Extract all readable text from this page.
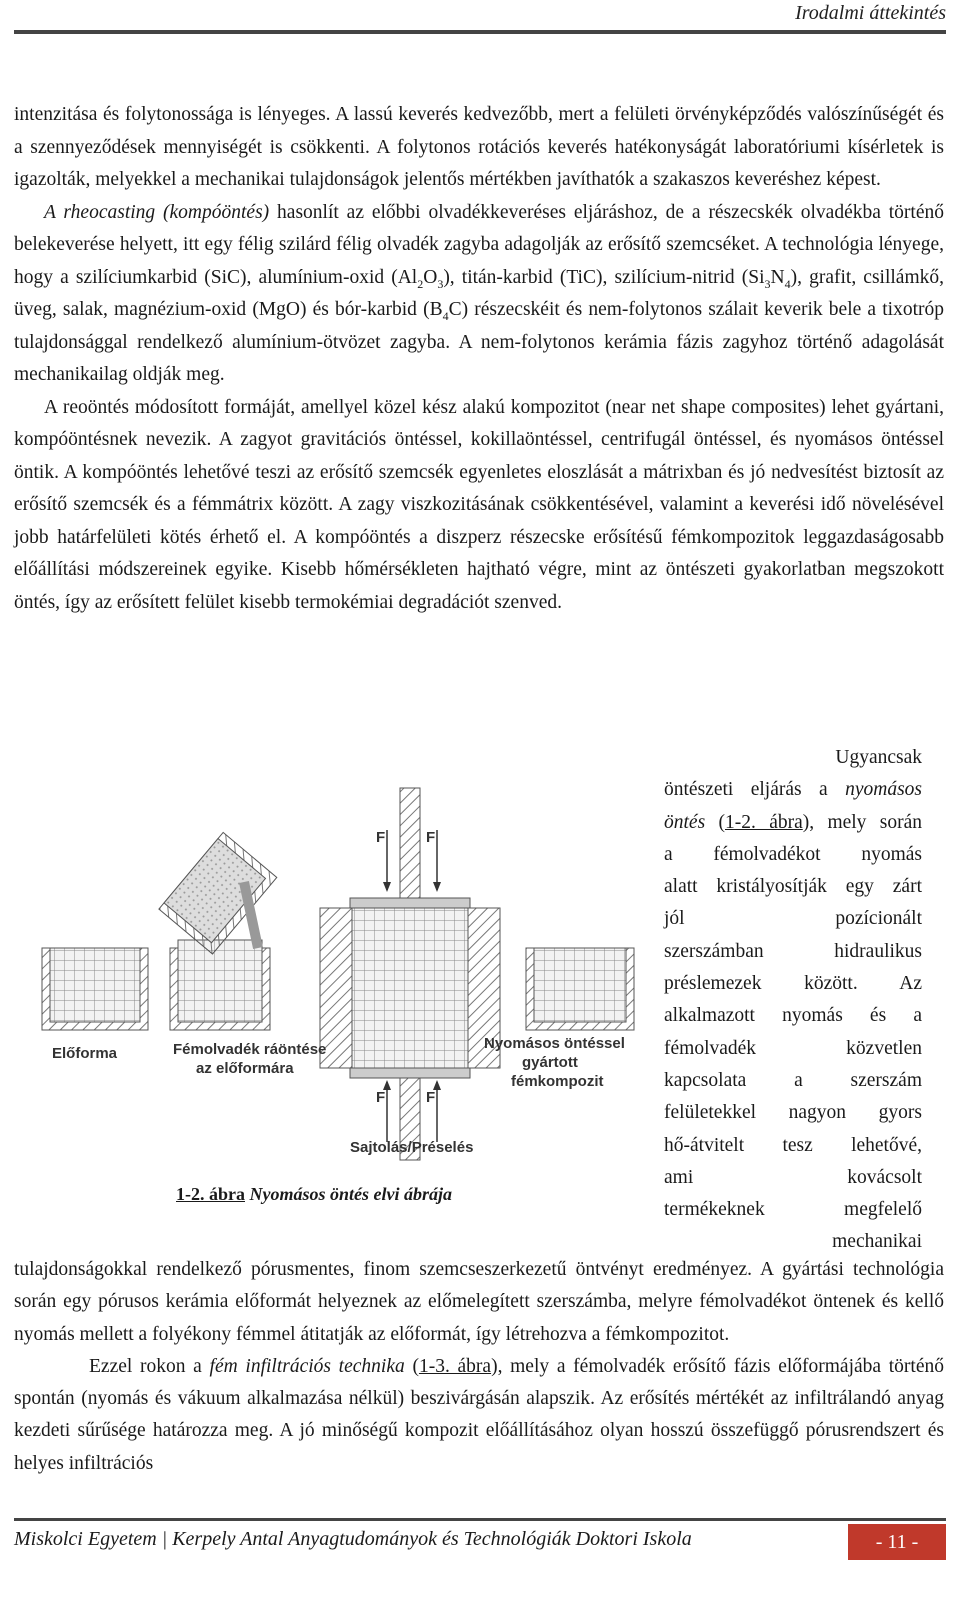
Irodalmi áttekintés

intenzitása és folytonossága is lényeges. A lassú keverés kedvezőbb, mert a felületi örvényképződés valószínűségét és a szennyeződések mennyiségét is csökkenti. A folytonos rotációs keverés hatékonyságát laboratóriumi kísérletek is igazolták, melyekkel a mechanikai tulajdonságok jelentős mértékben javíthatók a szakaszos keveréshez képest.

A rheocasting (kompóöntés) hasonlít az előbbi olvadékkeveréses eljáráshoz, de a részecskék olvadékba történő belekeverése helyett, itt egy félig szilárd félig olvadék zagyba adagolják az erősítő szemcséket. A technológia lényege, hogy a szilíciumkarbid (SiC), alumínium-oxid $(Al_2O_3)$, titán-karbid (TiC), szilícium-nitrid $(Si_3N_4)$, grafit, csillámkő, üveg, salak, magnézium-oxid (MgO) és bór-karbid $(B_4C)$ részecskéit és nem-folytonos szálait keverik bele a tixotróp tulajdonsággal rendelkező alumínium-ötvözet zagyba. A nem-folytonos kerámia fázis zagyhoz történő adagolását mechanikailag oldják meg.

A reoöntés módosított formáját, amellyel közel kész alakú kompozitot (near net shape composites) lehet gyártani, kompóöntésnek nevezik. A zagyot gravitációs öntéssel, kokillaöntéssel, centrifugál öntéssel, és nyomásos öntéssel öntik. A kompóöntés lehetővé teszi az erősítő szemcsék egyenletes eloszlását a mátrixban és jó nedvesítést biztosít az erősítő szemcsék és a fémmátrix között. A zagy viszkozitásának csökkentésével, valamint a keverési idő növelésével jobb határfelületi kötés érhető el. A kompóöntés a diszperz részecske erősítésű fémkompozitok leggazdaságosabb előállítási módszereinek egyike. Kisebb hőmérsékleten hajtható végre, mint az öntészeti gyakorlatban megszokott öntés, így az erősített felület kisebb termokémiai degradációt szenved.

Ugyancsak
öntészeti eljárás a nyomásos
öntés (1-2. ábra), mely során
a fémolvadékot nyomás
alatt kristályosítják egy zárt
jól pozícionált
szerszámban hidraulikus
préslemezek között. Az
alkalmazott nyomás és a
fémolvadék közvetlen
kapcsolata a szerszám
felületekkel nagyon gyors
hő-átvitelt tesz lehetővé,
ami kovácsolt
termékeknek megfelelő
mechanikai
F	F
F	F
Előforma	Fémolvadék ráöntése
az előformára
Sajtolás/Préselés
Nyomásos öntéssel
gyártott
fémkompozit
1-2. ábra Nyomásos öntés elvi ábrája

tulajdonságokkal rendelkező pórusmentes, finom szemcseszerkezetű öntvényt eredményez. A gyártási technológia során egy pórusos kerámia előformát helyeznek az előmelegített szerszámba, melyre fémolvadékot öntenek és kellő nyomás mellett a folyékony fémmel átitatják az előformát, így létrehozva a fémkompozitot.

Ezzel rokon a fém infiltrációs technika (1-3. ábra), mely a fémolvadék erősítő fázis előformájába történő spontán (nyomás és vákuum alkalmazása nélkül) beszivárgásán alapszik. Az erősítés mértékét az infiltrálandó anyag kezdeti sűrűsége határozza meg. A jó minőségű kompozit előállításához olyan hosszú összefüggő pórusrendszert és helyes infiltrációs

Miskolci Egyetem | Kerpely Antal Anyagtudományok és Technológiák Doktori Iskola	- 11 -
